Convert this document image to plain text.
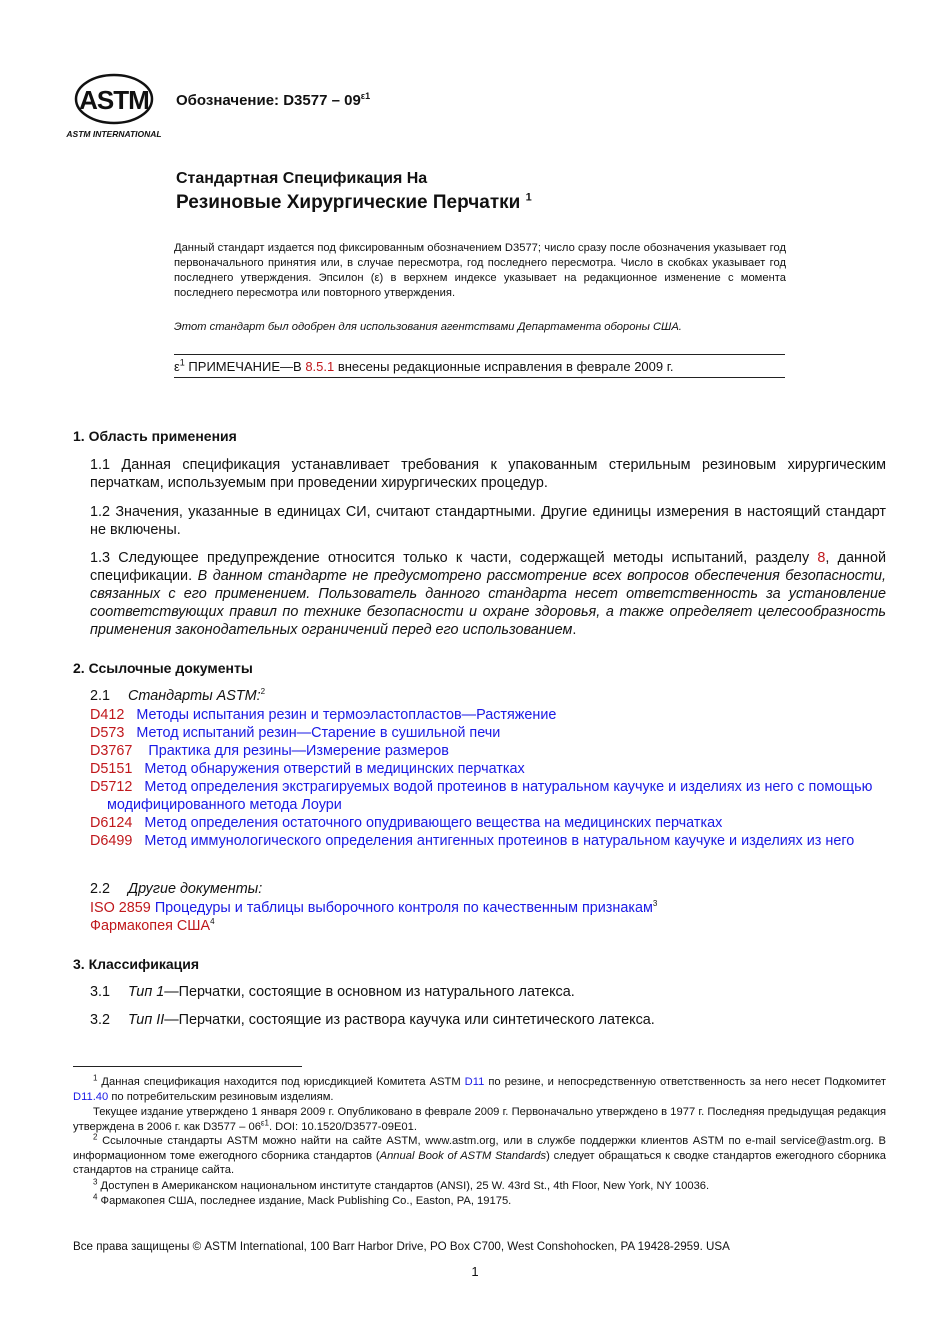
ASTM
ASTM INTERNATIONAL
Обозначение: $D3577 - 09^{\varepsilon 1}$
Стандартная Спецификация На
Резиновые Хирургические Перчатки $^1$
Данный стандарт издается под фиксированным обозначением D3577; число сразу после обозначения указывает год первоначального принятия или, в случае пересмотра, год последнего пересмотра. Число в скобках указывает год последнего утверждения. Эпсилон (ε) в верхнем индексе указывает на редакционное изменение с момента последнего пересмотра или повторного утверждения.
Этот стандарт был одобрен для использования агентствами Департамента обороны США.
$\varepsilon^1$ ПРИМЕЧАНИЕ—В 8.5.1 внесены редакционные исправления в феврале 2009 г.
1. Область применения
1.1 Данная спецификация устанавливает требования к упакованным стерильным резиновым хирургическим перчаткам, используемым при проведении хирургических процедур.
1.2 Значения, указанные в единицах СИ, считают стандартными. Другие единицы измерения в настоящий стандарт не включены.
1.3 Следующее предупреждение относится только к части, содержащей методы испытаний, разделу 8, данной спецификации. В данном стандарте не предусмотрено рассмотрение всех вопросов обеспечения безопасности, связанных с его применением. Пользователь данного стандарта несет ответственность за установление соответствующих правил по технике безопасности и охране здоровья, а также определяет целесообразность применения законодательных ограничений перед его использованием.
2. Ссылочные документы
2.1 Стандарты ASTM:$^2$
D412 Методы испытания резин и термоэластопластов—Растяжение
D573 Метод испытаний резин—Старение в сушильной печи
D3767    Практика для резины—Измерение размеров
D5151 Метод обнаружения отверстий в медицинских перчатках
D5712 Метод определения экстрагируемых водой протеинов в натуральном каучуке и изделиях из него с помощью модифицированного метода Лоури
D6124 Метод определения остаточного опудривающего вещества на медицинских перчатках
D6499 Метод иммунологического определения антигенных протеинов в натуральном каучуке и изделиях из него
2.2 Другие документы:
ISO 2859 Процедуры и таблицы выборочного контроля по качественным признакам$^3$
Фармакопея США$^4$
3. Классификация
3.1 Тип 1—Перчатки, состоящие в основном из натурального латекса.
3.2 Тип II—Перчатки, состоящие из раствора каучука или синтетического латекса.
$^1$ Данная спецификация находится под юрисдикцией Комитета ASTM D11 по резине, и непосредственную ответственность за него несет Подкомитет D11.40 по потребительским резиновым изделиям.
Текущее издание утверждено 1 января 2009 г. Опубликовано в феврале 2009 г. Первоначально утверждено в 1977 г. Последняя предыдущая редакция утверждена в 2006 г. как $D3577 - 06^{\varepsilon 1}$. DOI: 10.1520/D3577-09E01.
$^2$ Ссылочные стандарты ASTM можно найти на сайте ASTM, www.astm.org, или в службе поддержки клиентов ASTM по e-mail service@astm.org. В информационном томе ежегодного сборника стандартов (Annual Book of ASTM Standards) следует обращаться к сводке стандартов ежегодного сборника стандартов на странице сайта.
$^3$ Доступен в Американском национальном институте стандартов (ANSI), 25 W. 43rd St., 4th Floor, New York, NY 10036.
$^4$ Фармакопея США, последнее издание, Mack Publishing Co., Easton, PA, 19175.
Все права защищены © ASTM International, 100 Barr Harbor Drive, PO Box C700, West Conshohocken, PA 19428-2959. USA
1
